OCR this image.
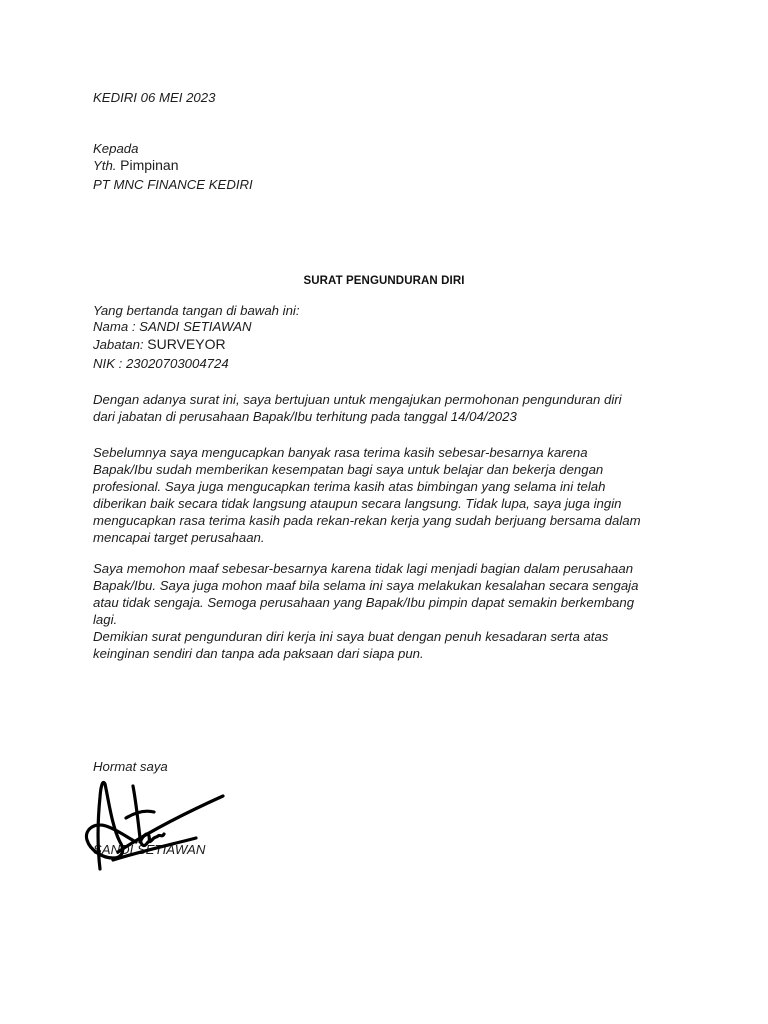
KEDIRI 06 MEI 2023
Kepada
Yth. Pimpinan
PT MNC FINANCE KEDIRI
SURAT PENGUNDURAN DIRI
Yang bertanda tangan di bawah ini:
Nama : SANDI SETIAWAN
Jabatan: SURVEYOR
NIK : 23020703004724
Dengan adanya surat ini, saya bertujuan untuk mengajukan permohonan pengunduran diri
dari jabatan di perusahaan Bapak/Ibu terhitung pada tanggal 14/04/2023
Sebelumnya saya mengucapkan banyak rasa terima kasih sebesar-besarnya karena
Bapak/Ibu sudah memberikan kesempatan bagi saya untuk belajar dan bekerja dengan
profesional. Saya juga mengucapkan terima kasih atas bimbingan yang selama ini telah
diberikan baik secara tidak langsung ataupun secara langsung. Tidak lupa, saya juga ingin
mengucapkan rasa terima kasih pada rekan-rekan kerja yang sudah berjuang bersama dalam
mencapai target perusahaan.
Saya memohon maaf sebesar-besarnya karena tidak lagi menjadi bagian dalam perusahaan
Bapak/Ibu. Saya juga mohon maaf bila selama ini saya melakukan kesalahan secara sengaja
atau tidak sengaja. Semoga perusahaan yang Bapak/Ibu pimpin dapat semakin berkembang
lagi.
Demikian surat pengunduran diri kerja ini saya buat dengan penuh kesadaran serta atas
keinginan sendiri dan tanpa ada paksaan dari siapa pun.
Hormat saya
SANDI SETIAWAN
